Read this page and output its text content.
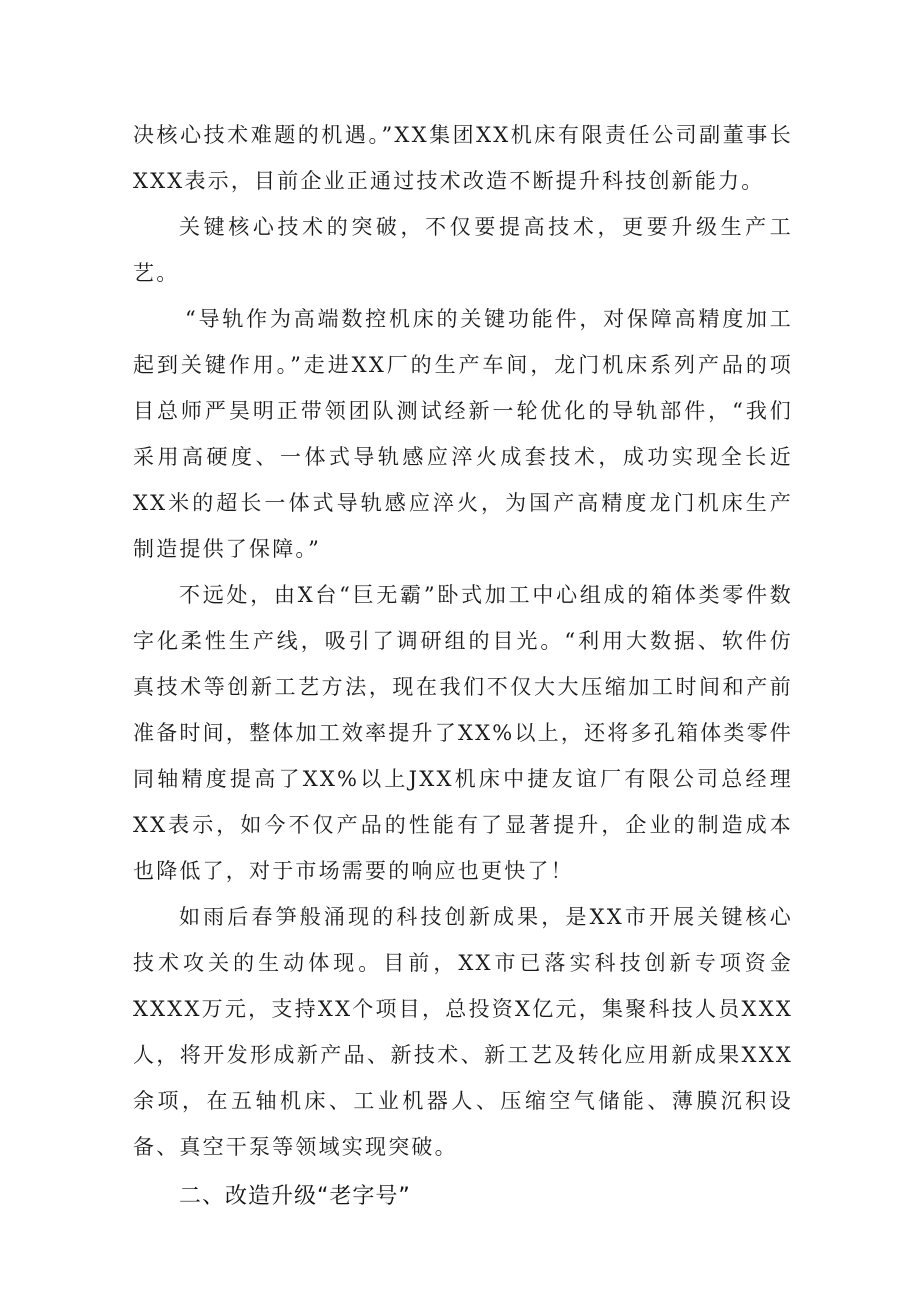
决核心技术难题的机遇。”XX集团XX机床有限责任公司副董事长XXX表示，目前企业正通过技术改造不断提升科技创新能力。

关键核心技术的突破，不仅要提高技术，更要升级生产工艺。

“导轨作为高端数控机床的关键功能件，对保障高精度加工起到关键作用。”走进XX厂的生产车间，龙门机床系列产品的项目总师严昊明正带领团队测试经新一轮优化的导轨部件，“我们采用高硬度、一体式导轨感应淬火成套技术，成功实现全长近XX米的超长一体式导轨感应淬火，为国产高精度龙门机床生产制造提供了保障。”

不远处，由X台“巨无霸”卧式加工中心组成的箱体类零件数字化柔性生产线，吸引了调研组的目光。“利用大数据、软件仿真技术等创新工艺方法，现在我们不仅大大压缩加工时间和产前准备时间，整体加工效率提升了XX%以上，还将多孔箱体类零件同轴精度提高了XX%以上JXX机床中捷友谊厂有限公司总经理XX表示，如今不仅产品的性能有了显著提升，企业的制造成本也降低了，对于市场需要的响应也更快了！

如雨后春笋般涌现的科技创新成果，是XX市开展关键核心技术攻关的生动体现。目前，XX市已落实科技创新专项资金XXXX万元，支持XX个项目，总投资X亿元，集聚科技人员XXX人，将开发形成新产品、新技术、新工艺及转化应用新成果XXX余项，在五轴机床、工业机器人、压缩空气储能、薄膜沉积设备、真空干泵等领域实现突破。

二、改造升级“老字号”
